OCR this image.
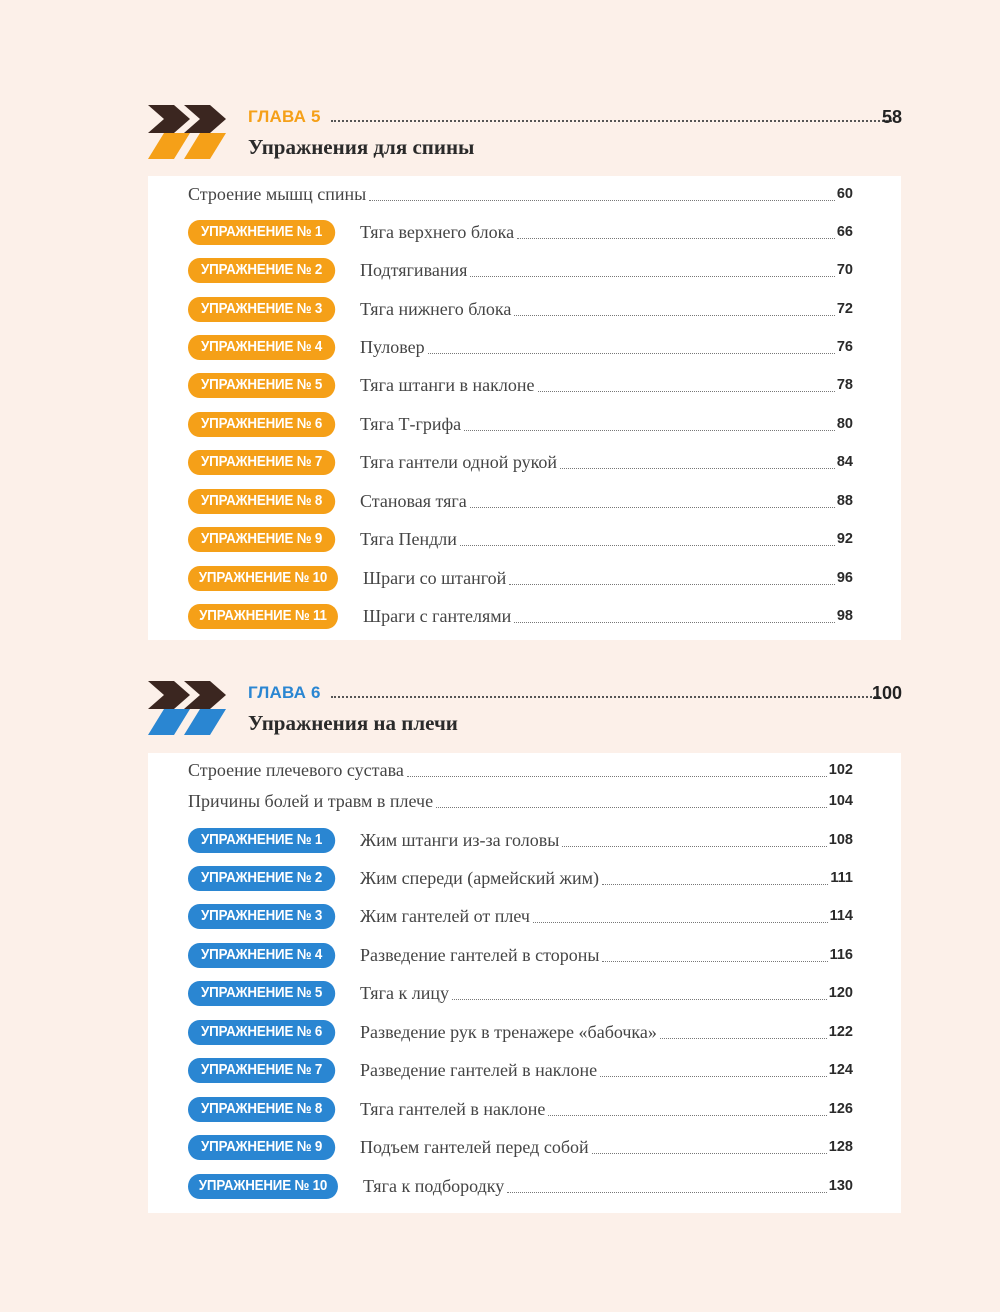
ГЛАВА 5	58
Упражнения для спины
Строение мышц спины	60
УПРАЖНЕНИЕ № 1	Тяга верхнего блока	66
УПРАЖНЕНИЕ № 2	Подтягивания	70
УПРАЖНЕНИЕ № 3	Тяга нижнего блока	72
УПРАЖНЕНИЕ № 4	Пуловер	76
УПРАЖНЕНИЕ № 5	Тяга штанги в наклоне	78
УПРАЖНЕНИЕ № 6	Тяга Т-грифа	80
УПРАЖНЕНИЕ № 7	Тяга гантели одной рукой	84
УПРАЖНЕНИЕ № 8	Становая тяга	88
УПРАЖНЕНИЕ № 9	Тяга Пендли	92
УПРАЖНЕНИЕ № 10	Шраги со штангой	96
УПРАЖНЕНИЕ № 11	Шраги с гантелями	98
ГЛАВА 6	100
Упражнения на плечи
Строение плечевого сустава	102
Причины болей и травм в плече	104
УПРАЖНЕНИЕ № 1	Жим штанги из-за головы	108
УПРАЖНЕНИЕ № 2	Жим спереди (армейский жим)	111
УПРАЖНЕНИЕ № 3	Жим гантелей от плеч	114
УПРАЖНЕНИЕ № 4	Разведение гантелей в стороны	116
УПРАЖНЕНИЕ № 5	Тяга к лицу	120
УПРАЖНЕНИЕ № 6	Разведение рук в тренажере «бабочка»	122
УПРАЖНЕНИЕ № 7	Разведение гантелей в наклоне	124
УПРАЖНЕНИЕ № 8	Тяга гантелей в наклоне	126
УПРАЖНЕНИЕ № 9	Подъем гантелей перед собой	128
УПРАЖНЕНИЕ № 10	Тяга к подбородку	130
